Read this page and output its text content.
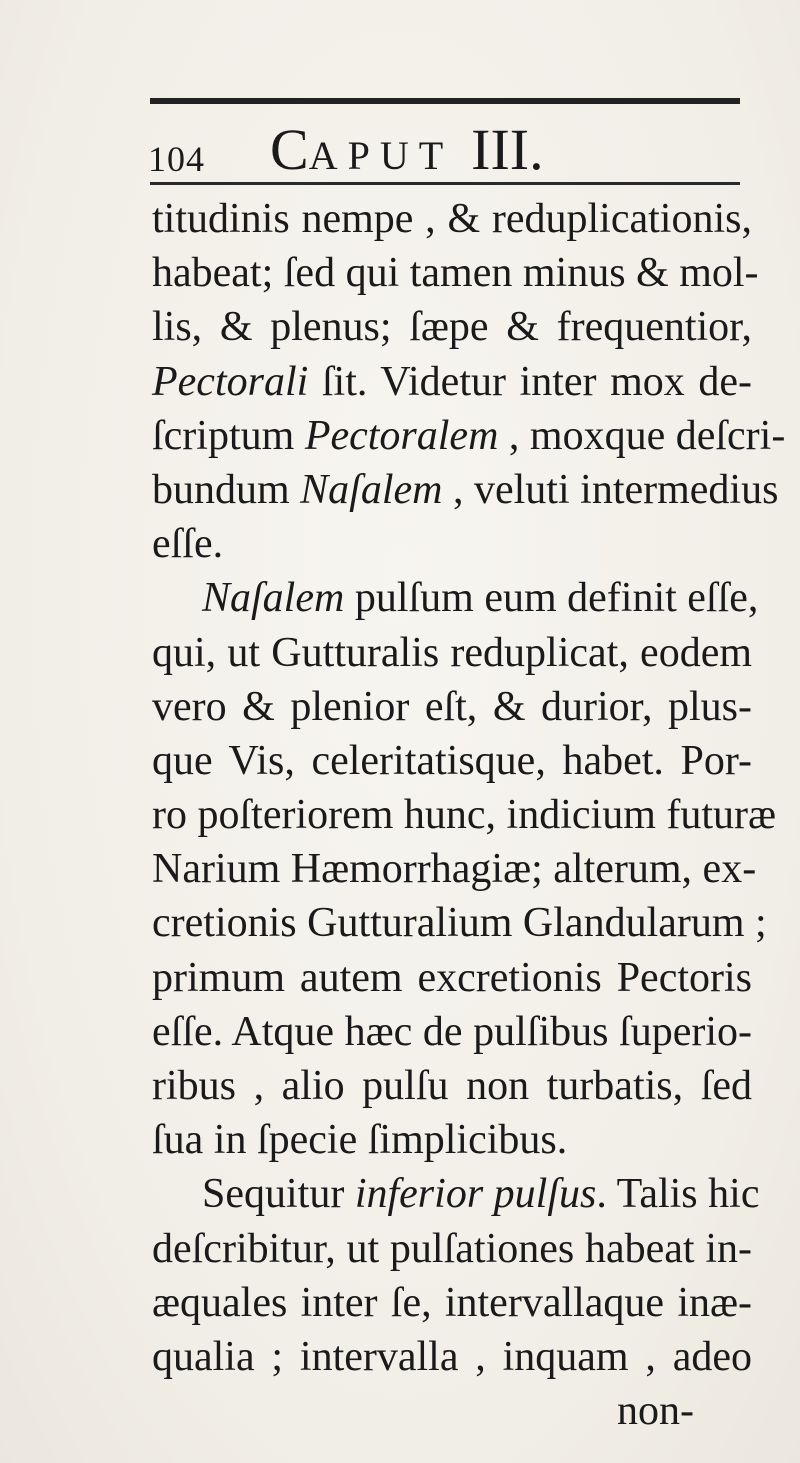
104 CAPUT III.
titudinis nempe , & reduplicationis,
habeat; ſed qui tamen minus & mol-
lis, & plenus; ſæpe & frequentior,
Pectorali ſit. Videtur inter mox de-
ſcriptum Pectoralem , moxque deſcri-
bundum Naſalem , veluti intermedius
eſſe.
Naſalem pulſum eum definit eſſe,
qui, ut Gutturalis reduplicat, eodem
vero & plenior eſt, & durior, plus-
que Vis, celeritatisque, habet. Por-
ro poſteriorem hunc, indicium futuræ
Narium Hæmorrhagiæ; alterum, ex-
cretionis Gutturalium Glandularum ;
primum autem excretionis Pectoris
eſſe. Atque hæc de pulſibus ſuperio-
ribus , alio pulſu non turbatis, ſed
ſua in ſpecie ſimplicibus.
Sequitur inferior pulſus. Talis hic
deſcribitur, ut pulſationes habeat in-
æquales inter ſe, intervallaque inæ-
qualia ; intervalla , inquam , adeo
non-
